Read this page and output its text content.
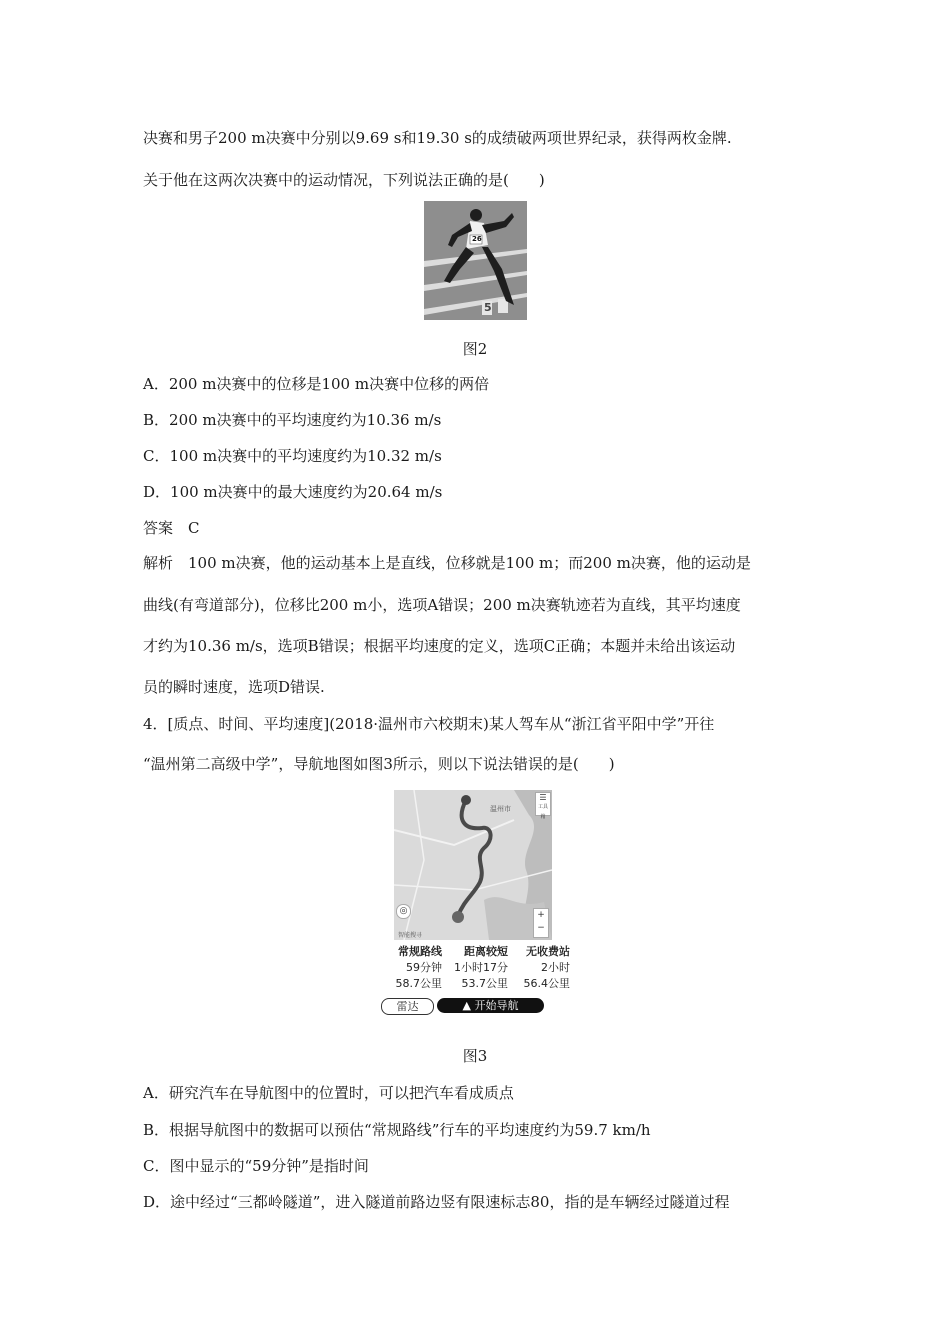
决赛和男子200 m决赛中分别以9.69 s和19.30 s的成绩破两项世界纪录，获得两枚金牌.
关于他在这两次决赛中的运动情况，下列说法正确的是(　　)
26
5
图2
A．200 m决赛中的位移是100 m决赛中位移的两倍
B．200 m决赛中的平均速度约为10.36 m/s
C．100 m决赛中的平均速度约为10.32 m/s
D．100 m决赛中的最大速度约为20.64 m/s
答案　C
解析　100 m决赛，他的运动基本上是直线，位移就是100 m；而200 m决赛，他的运动是
曲线(有弯道部分)，位移比200 m小，选项A错误；200 m决赛轨迹若为直线，其平均速度
才约为10.36 m/s，选项B错误；根据平均速度的定义，选项C正确；本题并未给出该运动
员的瞬时速度，选项D错误.
4．[质点、时间、平均速度](2018·温州市六校期末)某人驾车从“浙江省平阳中学”开往
“温州第二高级中学”，导航地图如图3所示，则以下说法错误的是(　　)
温州市
☰
工具箱
+
−
◎
智能搜寻
常规路线
59分钟
58.7公里
距离较短
1小时17分
53.7公里
无收费站
2小时
56.4公里
雷达	▲ 开始导航
图3
A．研究汽车在导航图中的位置时，可以把汽车看成质点
B．根据导航图中的数据可以预估“常规路线”行车的平均速度约为59.7 km/h
C．图中显示的“59分钟”是指时间
D．途中经过“三都岭隧道”，进入隧道前路边竖有限速标志80，指的是车辆经过隧道过程
